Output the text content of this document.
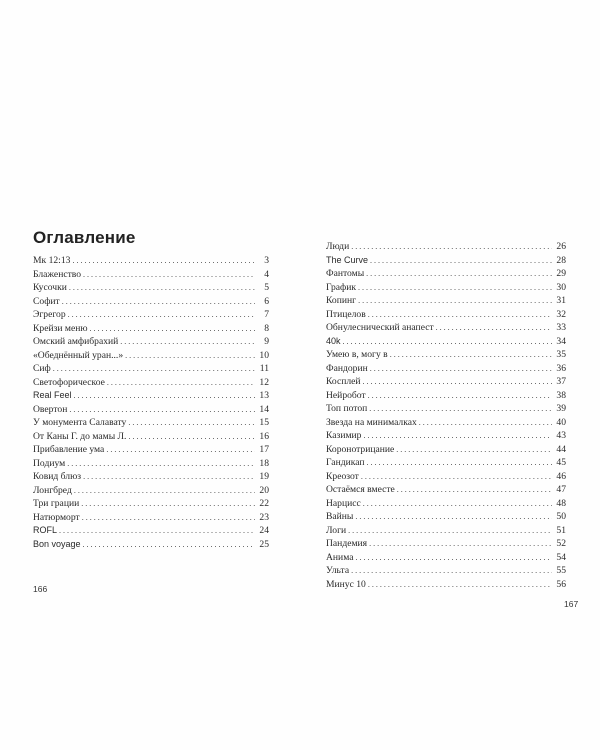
Оглавление
Мк 12:13 . . .	3
Блаженство . . .	4
Кусочки . . .	5
Софит . . .	6
Эгрегор . . .	7
Крейзи меню . . .	8
Омский амфибрахий . . .	9
«Обеднённый уран...» . . .	10
Сиф . . .	11
Светофорическое . . .	12
Real Feel . . .	13
Овертон . . .	14
У монумента Салавату . . .	15
От Каны Г. до мамы Л. . . .	16
Прибавление ума . . .	17
Подиум . . .	18
Ковид блюз . . .	19
Лонгбред . . .	20
Три грации . . .	22
Натюрморт . . .	23
ROFL . . .	24
Bon voyage . . .	25
166
Люди . . .	26
The Curve . . .	28
Фантомы . . .	29
График . . .	30
Копинг . . .	31
Птицелов . . .	32
Обнулеснический анапест . . .	33
40k . . .	34
Умею в, могу в . . .	35
Фандорин . . .	36
Косплей . . .	37
Нейробот . . .	38
Топ потоп . . .	39
Звезда на минималках . . .	40
Казимир . . .	43
Коронотрицание . . .	44
Гандикап . . .	45
Креозот . . .	46
Остаёмся вместе . . .	47
Нарцисс . . .	48
Вайны . . .	50
Логи . . .	51
Пандемия . . .	52
Анима . . .	54
Ульта . . .	55
Минус 10 . . .	56
167
